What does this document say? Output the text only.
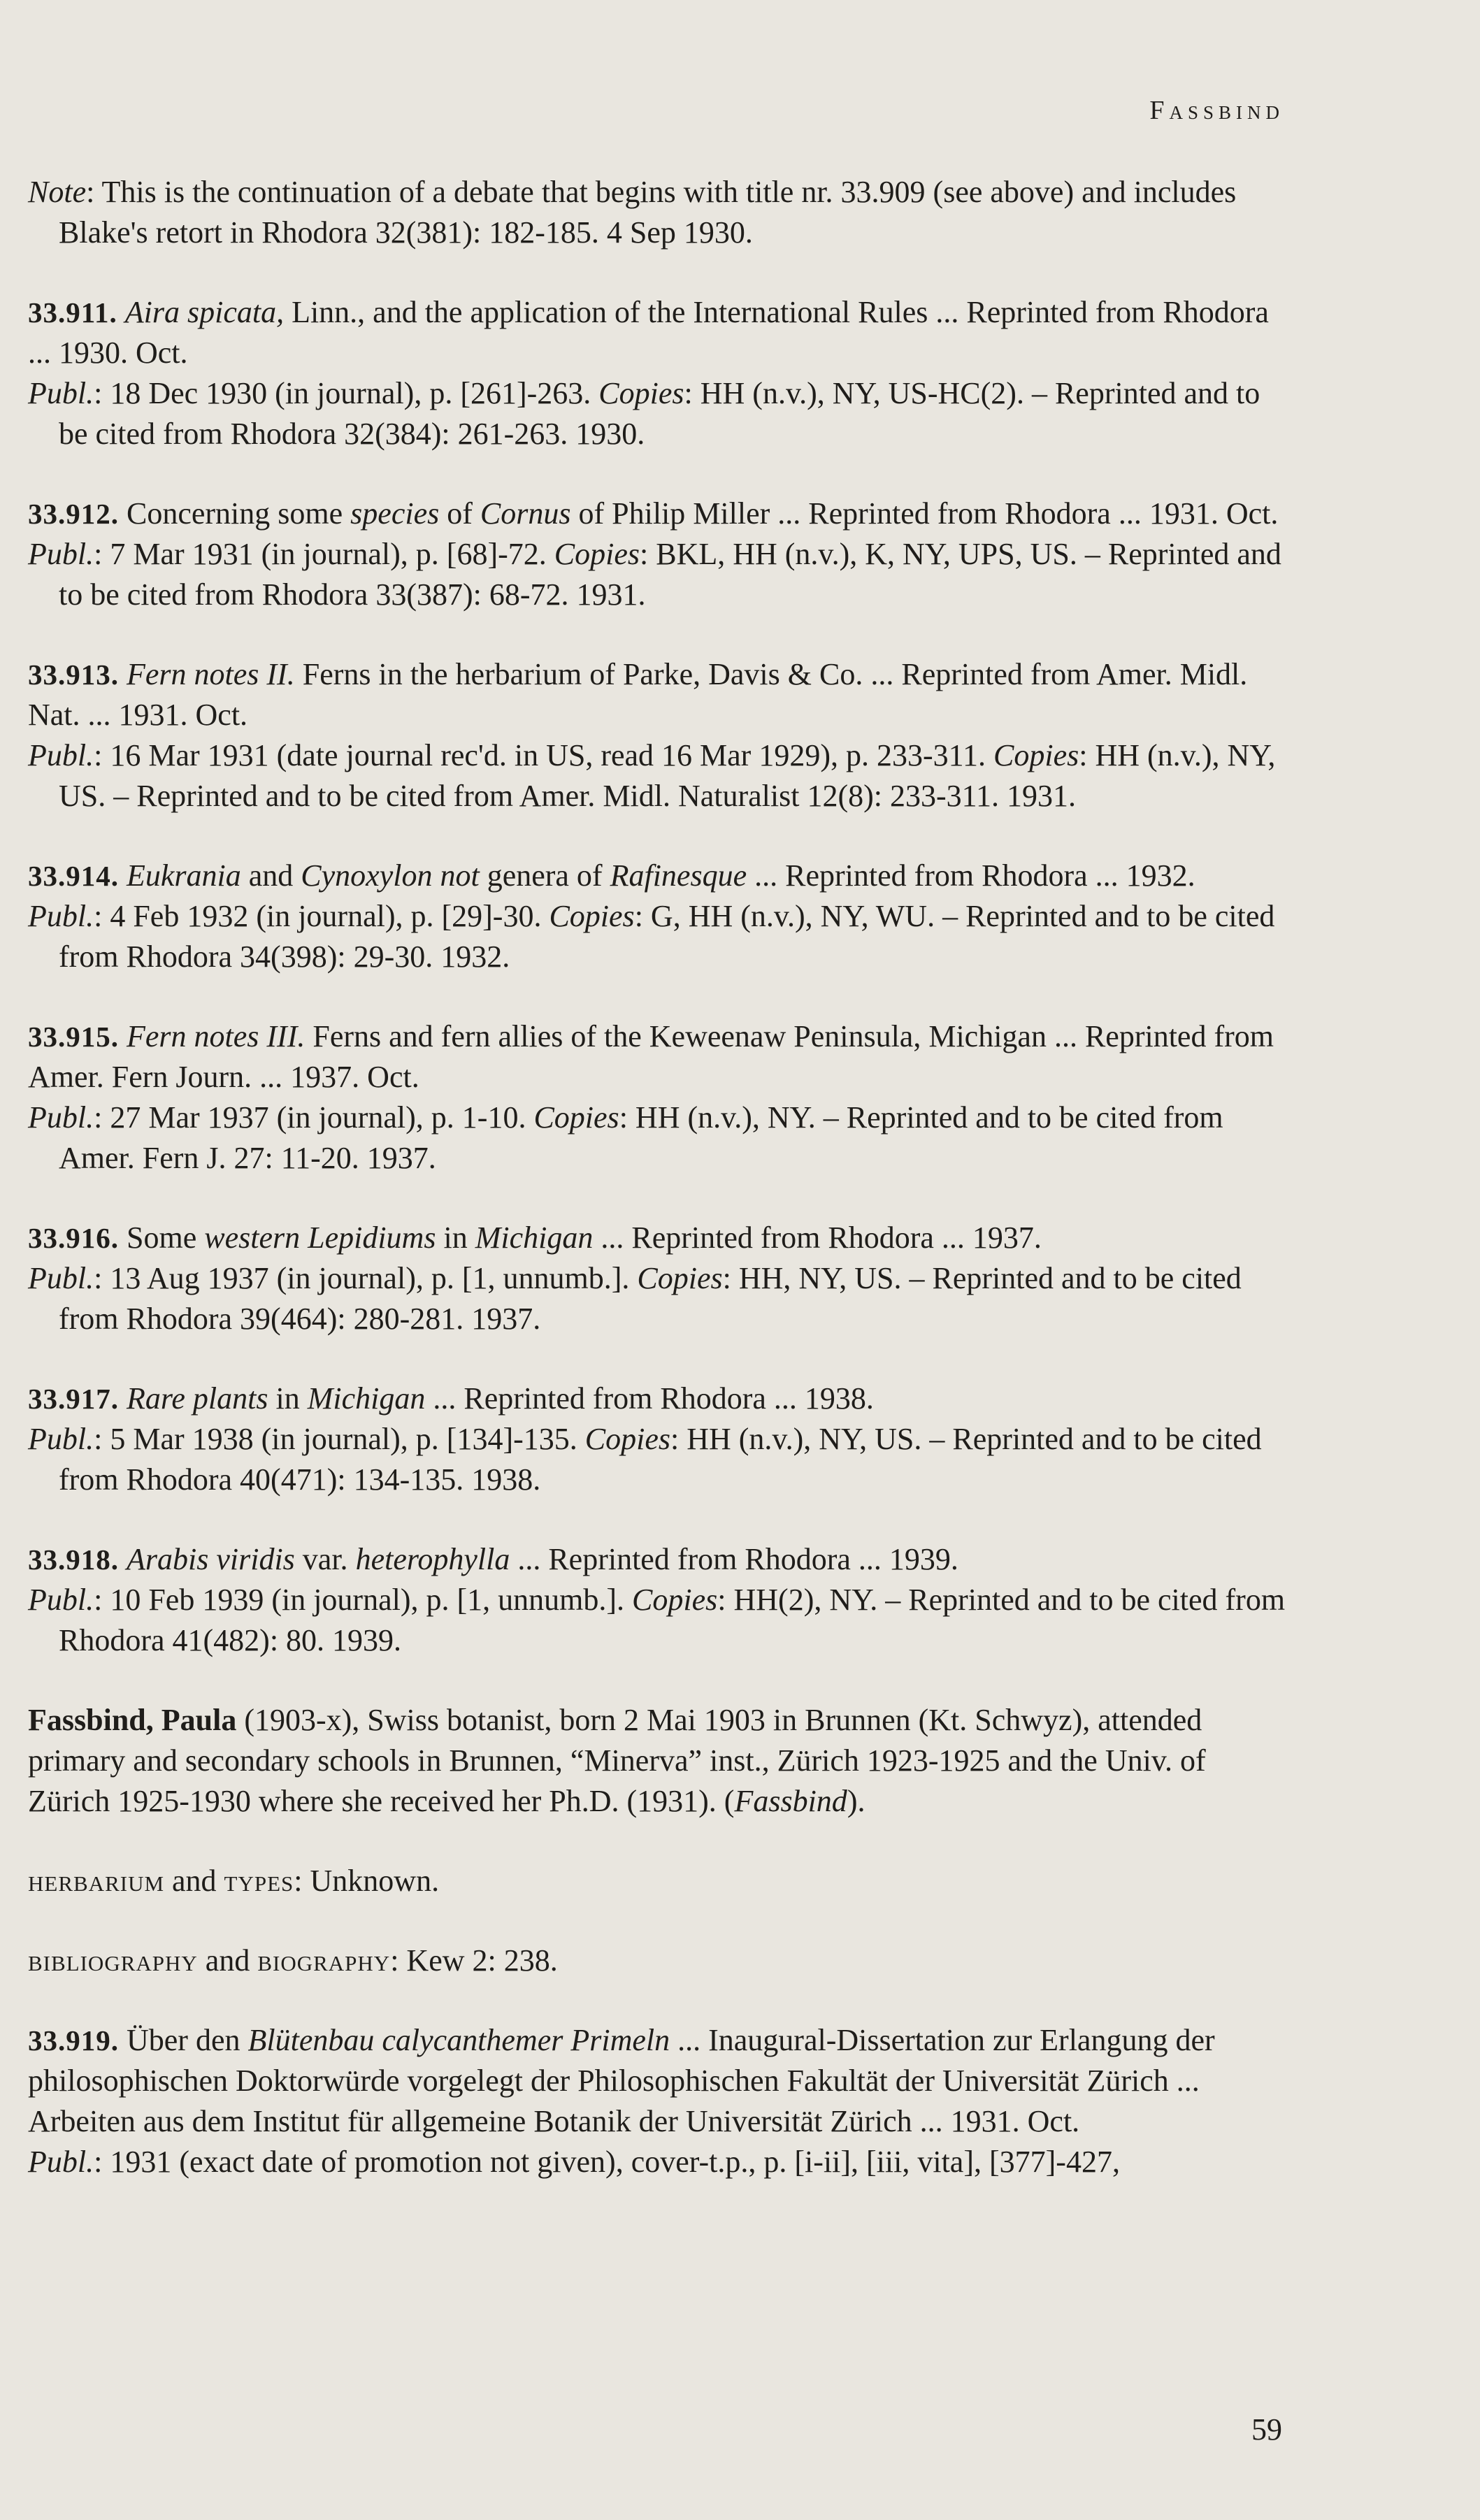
Fassbind

Note: This is the continuation of a debate that begins with title nr. 33.909 (see above) and includes Blake's retort in Rhodora 32(381): 182-185. 4 Sep 1930.

33.911. Aira spicata, Linn., and the application of the International Rules ... Reprinted from Rhodora ... 1930. Oct.

Publ.: 18 Dec 1930 (in journal), p. [261]-263. Copies: HH (n.v.), NY, US-HC(2). – Reprinted and to be cited from Rhodora 32(384): 261-263. 1930.

33.912. Concerning some species of Cornus of Philip Miller ... Reprinted from Rhodora ... 1931. Oct.

Publ.: 7 Mar 1931 (in journal), p. [68]-72. Copies: BKL, HH (n.v.), K, NY, UPS, US. – Reprinted and to be cited from Rhodora 33(387): 68-72. 1931.

33.913. Fern notes II. Ferns in the herbarium of Parke, Davis & Co. ... Reprinted from Amer. Midl. Nat. ... 1931. Oct.

Publ.: 16 Mar 1931 (date journal rec'd. in US, read 16 Mar 1929), p. 233-311. Copies: HH (n.v.), NY, US. – Reprinted and to be cited from Amer. Midl. Naturalist 12(8): 233-311. 1931.

33.914. Eukrania and Cynoxylon not genera of Rafinesque ... Reprinted from Rhodora ... 1932.

Publ.: 4 Feb 1932 (in journal), p. [29]-30. Copies: G, HH (n.v.), NY, WU. – Reprinted and to be cited from Rhodora 34(398): 29-30. 1932.

33.915. Fern notes III. Ferns and fern allies of the Keweenaw Peninsula, Michigan ... Reprinted from Amer. Fern Journ. ... 1937. Oct.

Publ.: 27 Mar 1937 (in journal), p. 1-10. Copies: HH (n.v.), NY. – Reprinted and to be cited from Amer. Fern J. 27: 11-20. 1937.

33.916. Some western Lepidiums in Michigan ... Reprinted from Rhodora ... 1937.

Publ.: 13 Aug 1937 (in journal), p. [1, unnumb.]. Copies: HH, NY, US. – Reprinted and to be cited from Rhodora 39(464): 280-281. 1937.

33.917. Rare plants in Michigan ... Reprinted from Rhodora ... 1938.

Publ.: 5 Mar 1938 (in journal), p. [134]-135. Copies: HH (n.v.), NY, US. – Reprinted and to be cited from Rhodora 40(471): 134-135. 1938.

33.918. Arabis viridis var. heterophylla ... Reprinted from Rhodora ... 1939.

Publ.: 10 Feb 1939 (in journal), p. [1, unnumb.]. Copies: HH(2), NY. – Reprinted and to be cited from Rhodora 41(482): 80. 1939.

Fassbind, Paula (1903-x), Swiss botanist, born 2 Mai 1903 in Brunnen (Kt. Schwyz), attended primary and secondary schools in Brunnen, “Minerva” inst., Zürich 1923-1925 and the Univ. of Zürich 1925-1930 where she received her Ph.D. (1931). (Fassbind).

herbarium and types: Unknown.

bibliography and biography: Kew 2: 238.

33.919. Über den Blütenbau calycanthemer Primeln ... Inaugural-Dissertation zur Erlangung der philosophischen Doktorwürde vorgelegt der Philosophischen Fakultät der Universität Zürich ... Arbeiten aus dem Institut für allgemeine Botanik der Universität Zürich ... 1931. Oct.

Publ.: 1931 (exact date of promotion not given), cover-t.p., p. [i-ii], [iii, vita], [377]-427,

59
